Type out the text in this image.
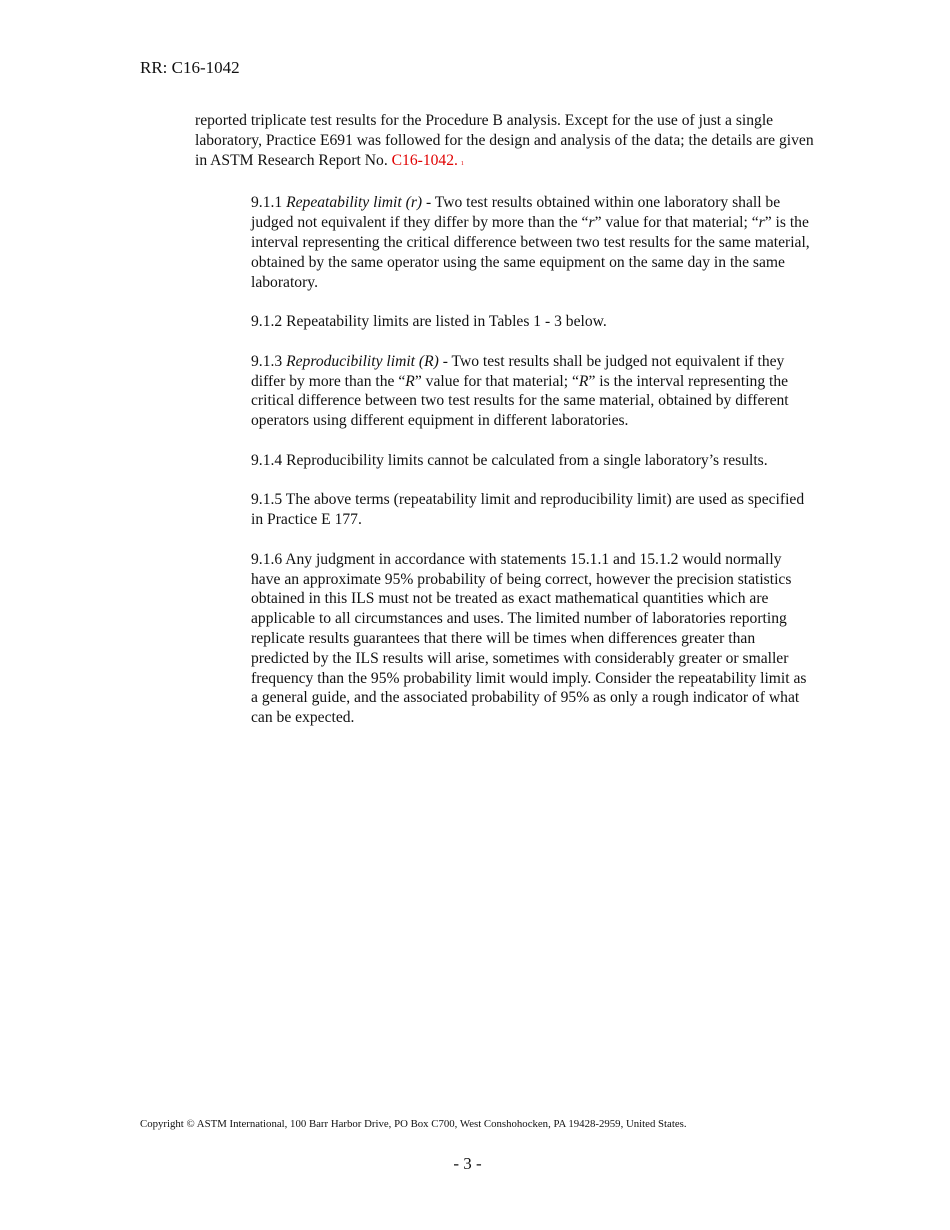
RR: C16-1042

reported triplicate test results for the Procedure B analysis. Except for the use of just a single laboratory, Practice E691 was followed for the design and analysis of the data; the details are given in ASTM Research Report No. C16-1042. 1

9.1.1 Repeatability limit (r) - Two test results obtained within one laboratory shall be judged not equivalent if they differ by more than the “r” value for that material; “r” is the interval representing the critical difference between two test results for the same material, obtained by the same operator using the same equipment on the same day in the same laboratory.

9.1.2 Repeatability limits are listed in Tables 1 - 3 below.

9.1.3 Reproducibility limit (R) - Two test results shall be judged not equivalent if they differ by more than the “R” value for that material; “R” is the interval representing the critical difference between two test results for the same material, obtained by different operators using different equipment in different laboratories.

9.1.4 Reproducibility limits cannot be calculated from a single laboratory’s results.

9.1.5 The above terms (repeatability limit and reproducibility limit) are used as specified in Practice E 177.

9.1.6 Any judgment in accordance with statements 15.1.1 and 15.1.2 would normally have an approximate 95% probability of being correct, however the precision statistics obtained in this ILS must not be treated as exact mathematical quantities which are applicable to all circumstances and uses. The limited number of laboratories reporting replicate results guarantees that there will be times when differences greater than predicted by the ILS results will arise, sometimes with considerably greater or smaller frequency than the 95% probability limit would imply. Consider the repeatability limit as a general guide, and the associated probability of 95% as only a rough indicator of what can be expected.

Copyright © ASTM International, 100 Barr Harbor Drive, PO Box C700, West Conshohocken, PA 19428-2959, United States.
- 3 -
